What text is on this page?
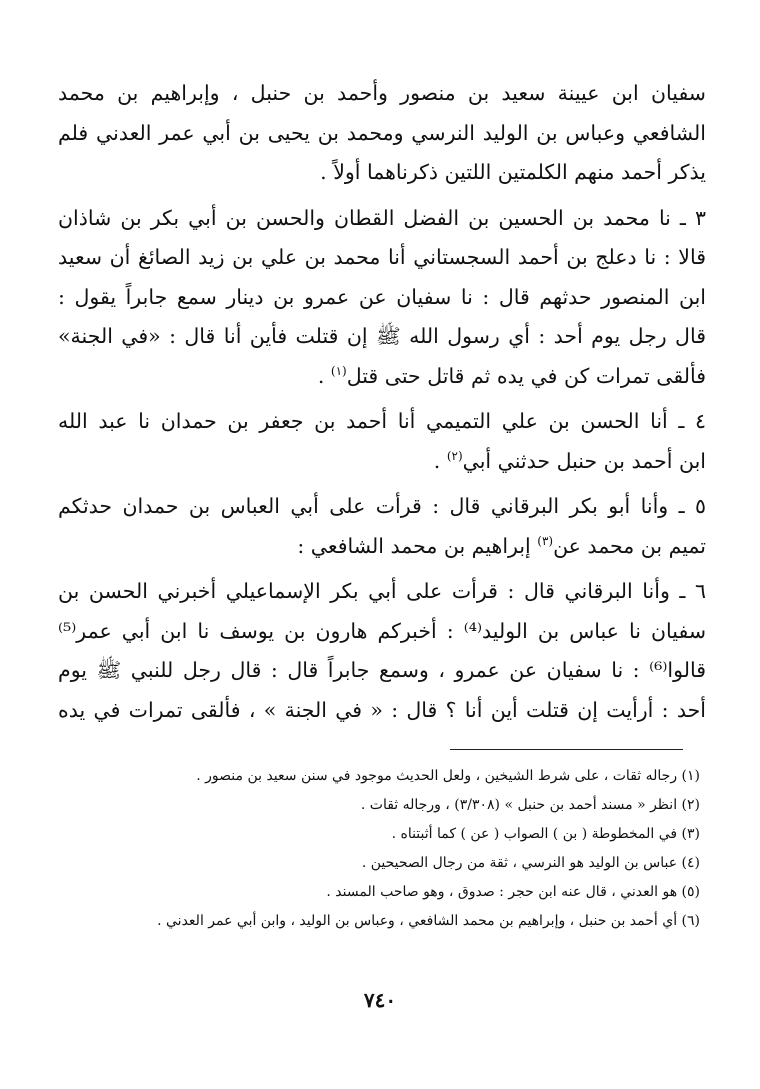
سفيان ابن عيينة سعيد بن منصور وأحمد بن حنبل ، وإبراهيم بن محمد
الشافعي وعباس بن الوليد النرسي ومحمد بن يحيى بن أبي عمر العدني فلم
يذكر أحمد منهم الكلمتين اللتين ذكرناهما أولاً .
٣ ـ نا محمد بن الحسين بن الفضل القطان والحسن بن أبي بكر بن شاذان
قالا : نا دعلج بن أحمد السجستاني أنا محمد بن علي بن زيد الصائغ أن سعيد
ابن المنصور حدثهم قال : نا سفيان عن عمرو بن دينار سمع جابراً يقول :
قال رجل يوم أحد : أي رسول الله ﷺ إن قتلت فأين أنا قال : «في الجنة»
فألقى تمرات كن في يده ثم قاتل حتى قتل$^{(١)}$ .
٤ ـ أنا الحسن بن علي التميمي أنا أحمد بن جعفر بن حمدان نا عبد الله
ابن أحمد بن حنبل حدثني أبي$^{(٢)}$ .
٥ ـ وأنا أبو بكر البرقاني قال : قرأت على أبي العباس بن حمدان حدثكم
تميم بن محمد عن$^{(٣)}$ إبراهيم بن محمد الشافعي :
٦ ـ وأنا البرقاني قال : قرأت على أبي بكر الإسماعيلي أخبرني الحسن بن
سفيان نا عباس بن الوليد⁽⁴⁾ : أخبركم هارون بن يوسف نا ابن أبي عمر⁽⁵⁾
قالوا⁽⁶⁾ : نا سفيان عن عمرو ، وسمع جابراً قال : قال رجل للنبي ﷺ يوم
أحد : أرأيت إن قتلت أين أنا ؟ قال : « في الجنة » ، فألقى تمرات في يده
(١) رجاله ثقات ، على شرط الشيخين ، ولعل الحديث موجود في سنن سعيد بن منصور .
(٢) انظر « مسند أحمد بن حنبل » (٣/٣٠٨) ، ورجاله ثقات .
(٣) في المخطوطة ( بن ) الصواب ( عن ) كما أثبتناه .
(٤) عباس بن الوليد هو النرسي ، ثقة من رجال الصحيحين .
(٥) هو العدني ، قال عنه ابن حجر : صدوق ، وهو صاحب المسند .
(٦) أي أحمد بن حنبل ، وإبراهيم بن محمد الشافعي ، وعباس بن الوليد ، وابن أبي عمر العدني .
٧٤٠
